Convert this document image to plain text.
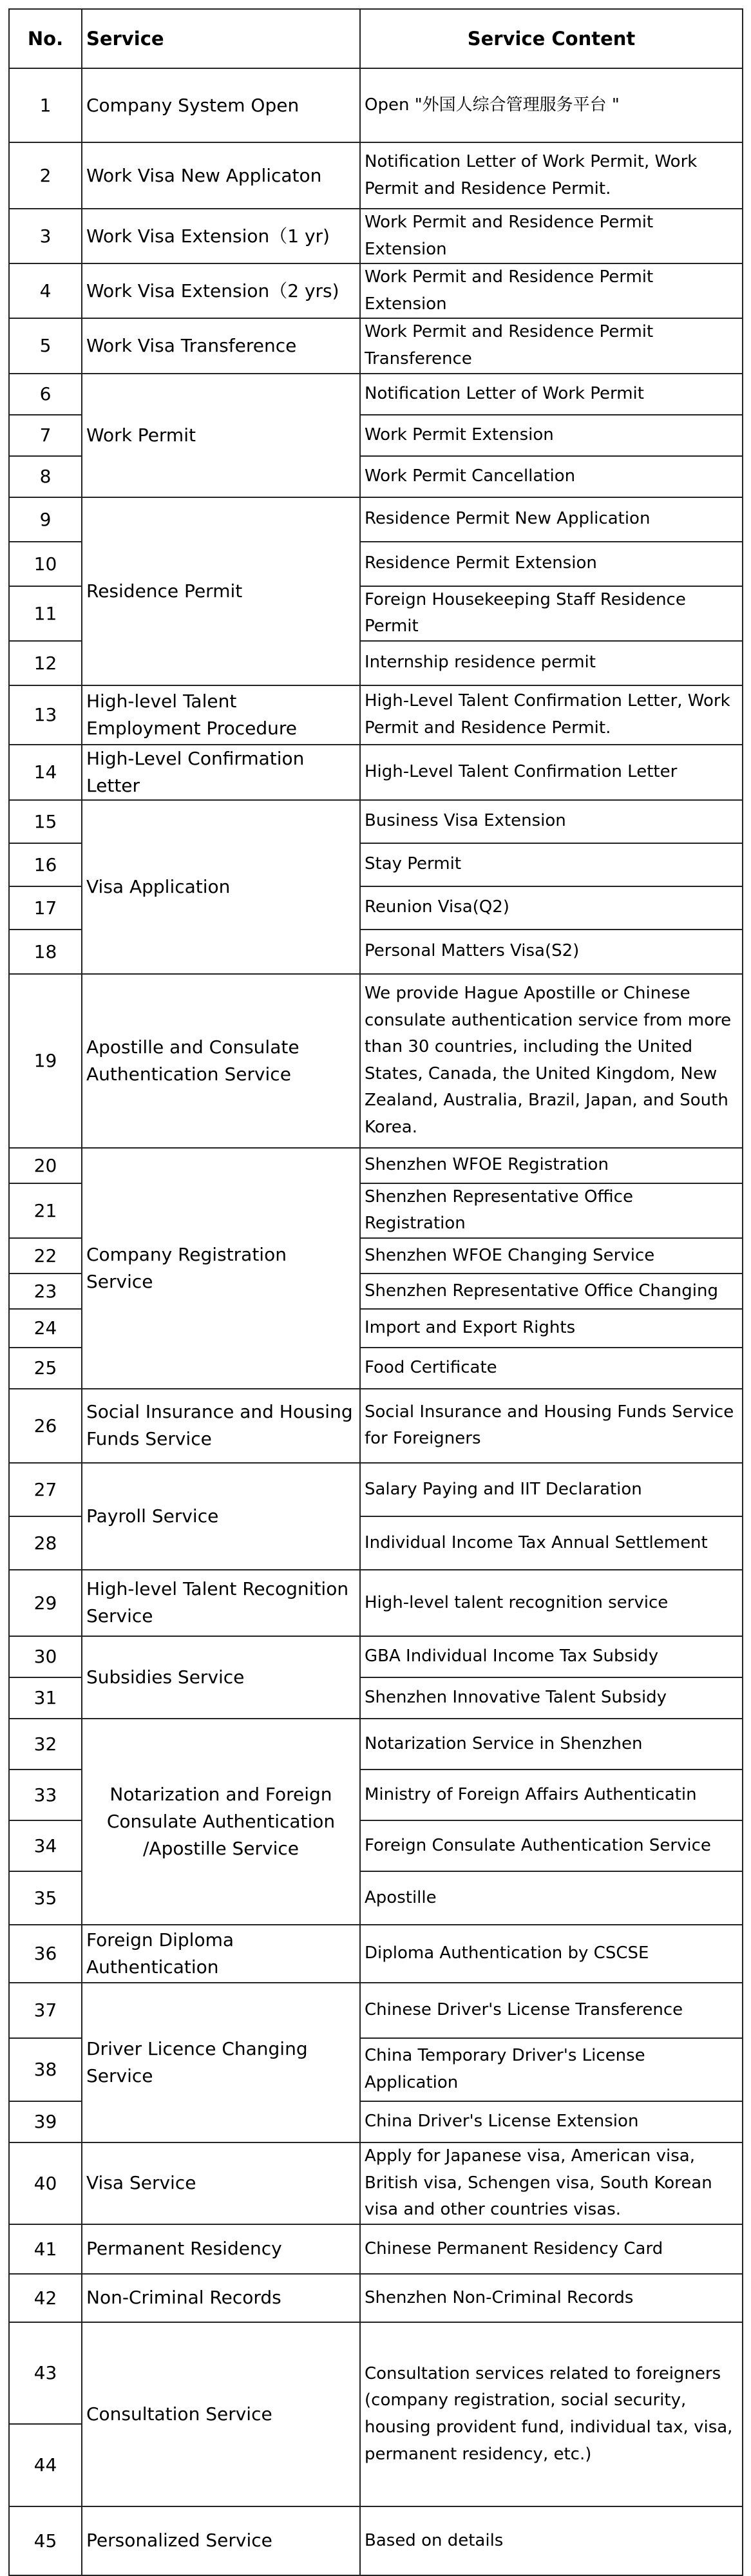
No.	Service	Service Content
1	Company System Open	Open "外国人综合管理服务平台 "
2	Work Visa New Applicaton	Notification Letter of Work Permit, Work Permit and Residence Permit.
3	Work Visa Extension（1 yr)	Work Permit and Residence Permit Extension
4	Work Visa Extension（2 yrs)	Work Permit and Residence Permit Extension
5	Work Visa Transference	Work Permit and Residence Permit Transference
6	Work Permit	Notification Letter of Work Permit
7		Work Permit Extension
8		Work Permit Cancellation
9	Residence Permit	Residence Permit New Application
10		Residence Permit Extension
11		Foreign Housekeeping Staff Residence Permit
12		Internship residence permit
13	High-level Talent Employment Procedure	High-Level Talent Confirmation Letter, Work Permit and Residence Permit.
14	High-Level Confirmation Letter	High-Level Talent Confirmation Letter
15	Visa Application	Business Visa Extension
16		Stay Permit
17		Reunion Visa(Q2)
18		Personal Matters Visa(S2)
19	Apostille and Consulate Authentication Service	We provide Hague Apostille or Chinese consulate authentication service from more than 30 countries, including the United States, Canada, the United Kingdom, New Zealand, Australia, Brazil, Japan, and South Korea.
20	Company Registration Service	Shenzhen WFOE Registration
21		Shenzhen Representative Office Registration
22		Shenzhen WFOE Changing Service
23		Shenzhen Representative Office Changing
24		Import and Export Rights
25		Food Certificate
26	Social Insurance and Housing Funds Service	Social Insurance and Housing Funds Service for Foreigners
27	Payroll Service	Salary Paying and IIT Declaration
28		Individual Income Tax Annual Settlement
29	High-level Talent Recognition Service	High-level talent recognition service
30	Subsidies Service	GBA Individual Income Tax Subsidy
31		Shenzhen Innovative Talent Subsidy
32	Notarization and Foreign Consulate Authentication /Apostille Service	Notarization Service in Shenzhen
33		Ministry of Foreign Affairs Authenticatin
34		Foreign Consulate Authentication Service
35		Apostille
36	Foreign Diploma Authentication	Diploma Authentication by CSCSE
37	Driver Licence Changing Service	Chinese Driver's License Transference
38		China Temporary Driver's License Application
39		China Driver's License Extension
40	Visa Service	Apply for Japanese visa, American visa, British visa, Schengen visa, South Korean visa and other countries visas.
41	Permanent Residency	Chinese Permanent Residency Card
42	Non-Criminal Records	Shenzhen Non-Criminal Records
43	Consultation Service	Consultation services related to foreigners (company registration, social security, housing provident fund, individual tax, visa, permanent residency, etc.)
44		
45	Personalized Service	Based on details
